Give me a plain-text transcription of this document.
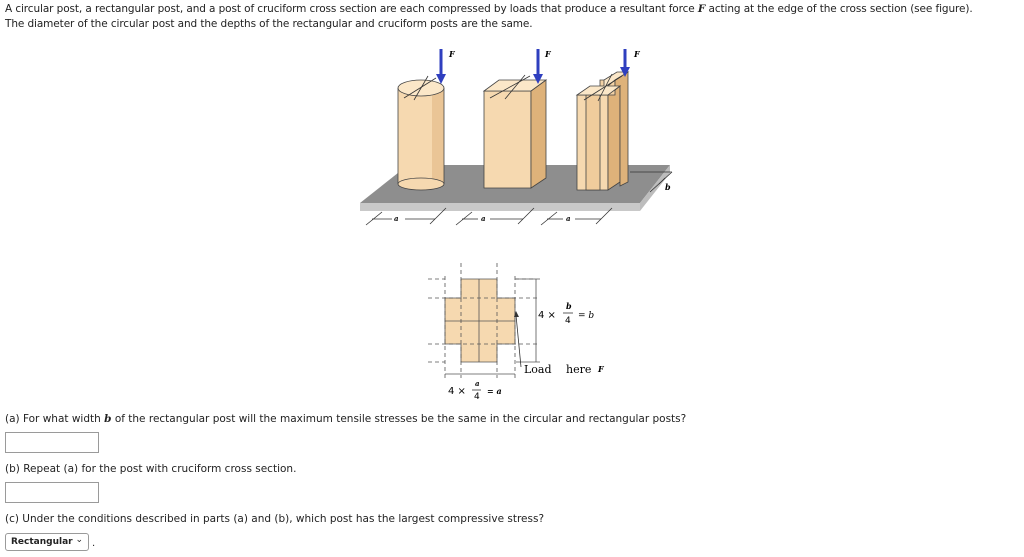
A circular post, a rectangular post, and a post of cruciform cross section are each compressed by loads that produce a resultant force F acting at the edge of the cross section (see figure).

The diameter of the circular post and the depths of the rectangular and cruciform posts are the same.

F	F	F
a	a	a
b
4 ×
b
4 = b
4 ×
a
4
= a
Load here F
(a) For what width b of the rectangular post will the maximum tensile stresses be the same in the circular and rectangular posts?
(b) Repeat (a) for the post with cruciform cross section.
(c) Under the conditions described in parts (a) and (b), which post has the largest compressive stress?
Rectangular ⌄ .
